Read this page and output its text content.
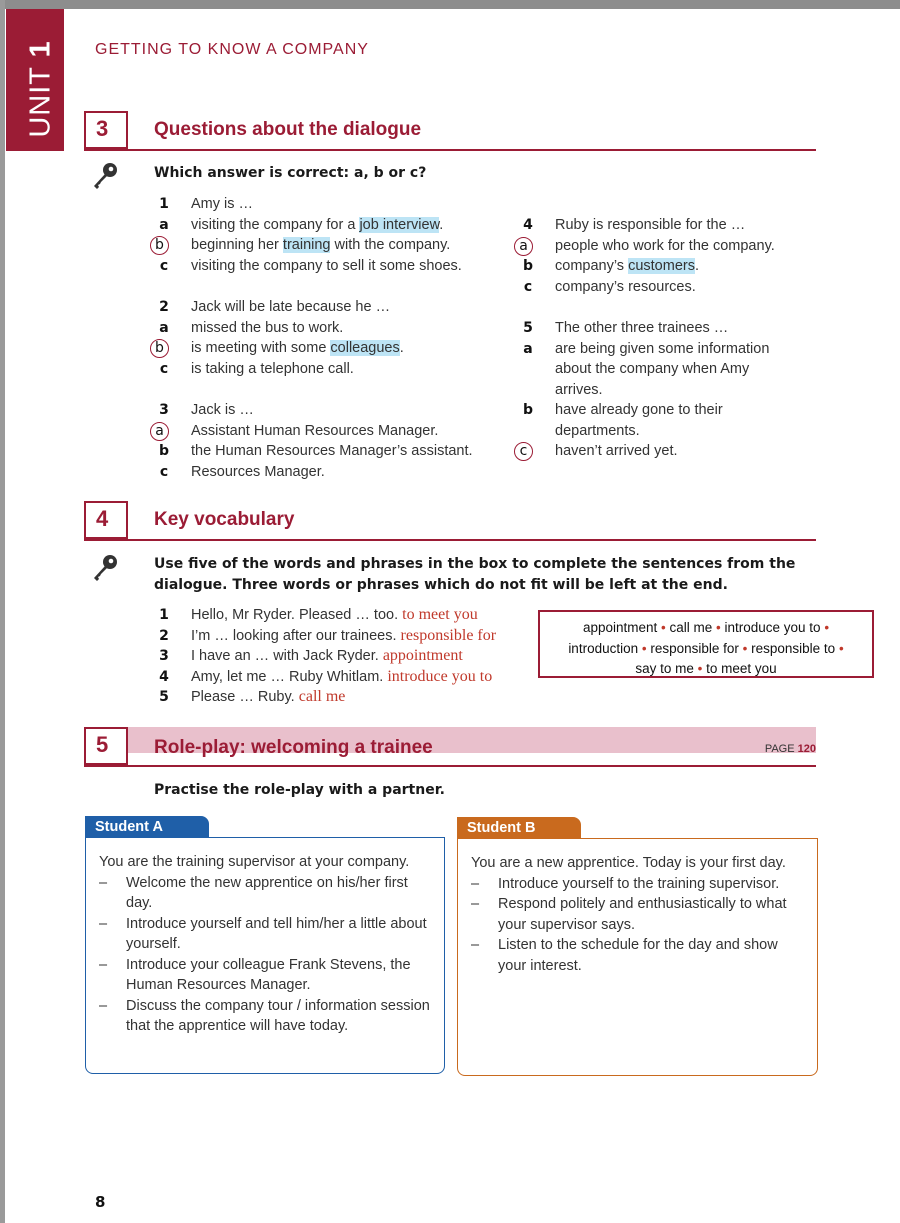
UNIT 1 GETTING TO KNOW A COMPANY
3 Questions about the dialogue
Which answer is correct: a, b or c?
1	Amy is …
a	visiting the company for a job interview.
b	beginning her training with the company.
c	visiting the company to sell it some shoes.
2	Jack will be late because he …
a	missed the bus to work.
b	is meeting with some colleagues.
c	is taking a telephone call.
3	Jack is …
a	Assistant Human Resources Manager.
b	the Human Resources Manager’s assistant.
c	Resources Manager.
4	Ruby is responsible for the …
a	people who work for the company.
b	company’s customers.
c	company’s resources.
5	The other three trainees …
a	are being given some information
about the company when Amy
arrives.
b	have already gone to their
departments.
c	haven’t arrived yet.
4 Key vocabulary
Use five of the words and phrases in the box to complete the sentences from the
dialogue. Three words or phrases which do not fit will be left at the end.
1	Hello, Mr Ryder. Pleased … too. to meet you
2	I’m … looking after our trainees. responsible for
3	I have an … with Jack Ryder. appointment
4	Amy, let me … Ruby Whitlam. introduce you to
5	Please … Ruby. call me
appointment • call me • introduce you to •
introduction • responsible for • responsible to •
say to me • to meet you
5 Role-play: welcoming a trainee	PAGE 120
Practise the role-play with a partner.
Student A

You are the training supervisor at your company.

– Welcome the new apprentice on his/her first day.
– Introduce yourself and tell him/her a little about yourself.
– Introduce your colleague Frank Stevens, the Human Resources Manager.
– Discuss the company tour / information session that the apprentice will have today.
Student B

You are a new apprentice. Today is your first day.

– Introduce yourself to the training supervisor.
– Respond politely and enthusiastically to what your supervisor says.
– Listen to the schedule for the day and show your interest.
8
